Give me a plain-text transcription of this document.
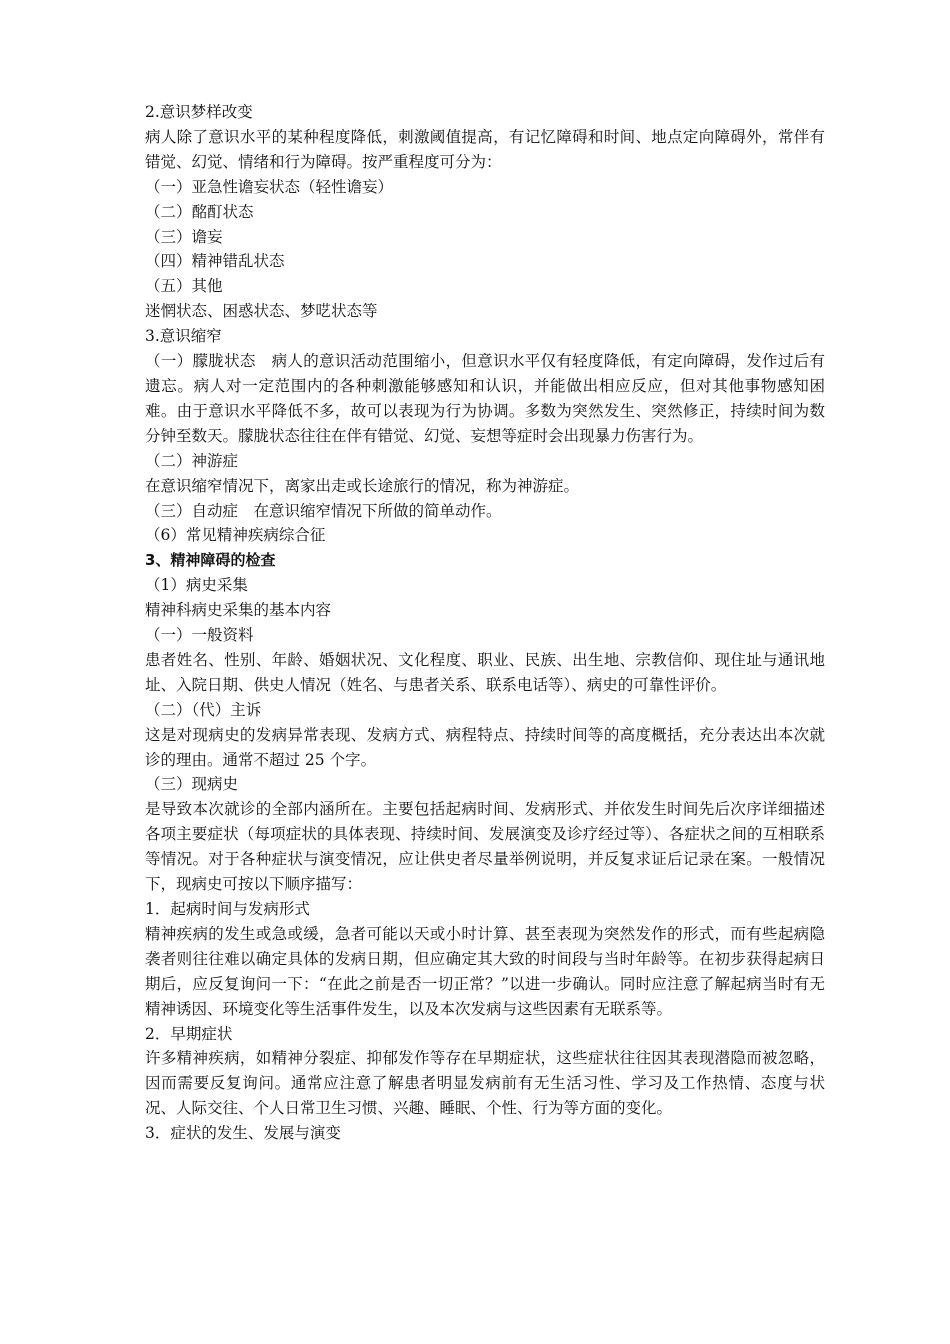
2.意识梦样改变

病人除了意识水平的某种程度降低，刺激阈值提高，有记忆障碍和时间、地点定向障碍外，常伴有错觉、幻觉、情绪和行为障碍。按严重程度可分为：

（一）亚急性谵妄状态（轻性谵妄）

（二）酩酊状态

（三）谵妄

（四）精神错乱状态

（五）其他

迷惘状态、困惑状态、梦呓状态等

3.意识缩窄

（一）朦胧状态　病人的意识活动范围缩小，但意识水平仅有轻度降低，有定向障碍，发作过后有遗忘。病人对一定范围内的各种刺激能够感知和认识，并能做出相应反应，但对其他事物感知困难。由于意识水平降低不多，故可以表现为行为协调。多数为突然发生、突然修正，持续时间为数分钟至数天。朦胧状态往往在伴有错觉、幻觉、妄想等症时会出现暴力伤害行为。

（二）神游症

在意识缩窄情况下，离家出走或长途旅行的情况，称为神游症。

（三）自动症　在意识缩窄情况下所做的简单动作。

（6）常见精神疾病综合征

3、精神障碍的检查

（1）病史采集

精神科病史采集的基本内容

（一）一般资料

患者姓名、性别、年龄、婚姻状况、文化程度、职业、民族、出生地、宗教信仰、现住址与通讯地址、入院日期、供史人情况（姓名、与患者关系、联系电话等）、病史的可靠性评价。

（二）（代）主诉

这是对现病史的发病异常表现、发病方式、病程特点、持续时间等的高度概括，充分表达出本次就诊的理由。通常不超过 25 个字。

（三）现病史

是导致本次就诊的全部内涵所在。主要包括起病时间、发病形式、并依发生时间先后次序详细描述各项主要症状（每项症状的具体表现、持续时间、发展演变及诊疗经过等）、各症状之间的互相联系等情况。对于各种症状与演变情况，应让供史者尽量举例说明，并反复求证后记录在案。一般情况下，现病史可按以下顺序描写：

1．起病时间与发病形式

精神疾病的发生或急或缓，急者可能以天或小时计算、甚至表现为突然发作的形式，而有些起病隐袭者则往往难以确定具体的发病日期，但应确定其大致的时间段与当时年龄等。在初步获得起病日期后，应反复询问一下：“在此之前是否一切正常？”以进一步确认。同时应注意了解起病当时有无精神诱因、环境变化等生活事件发生，以及本次发病与这些因素有无联系等。

2．早期症状

许多精神疾病，如精神分裂症、抑郁发作等存在早期症状，这些症状往往因其表现潜隐而被忽略，因而需要反复询问。通常应注意了解患者明显发病前有无生活习性、学习及工作热情、态度与状况、人际交往、个人日常卫生习惯、兴趣、睡眠、个性、行为等方面的变化。

3．症状的发生、发展与演变
